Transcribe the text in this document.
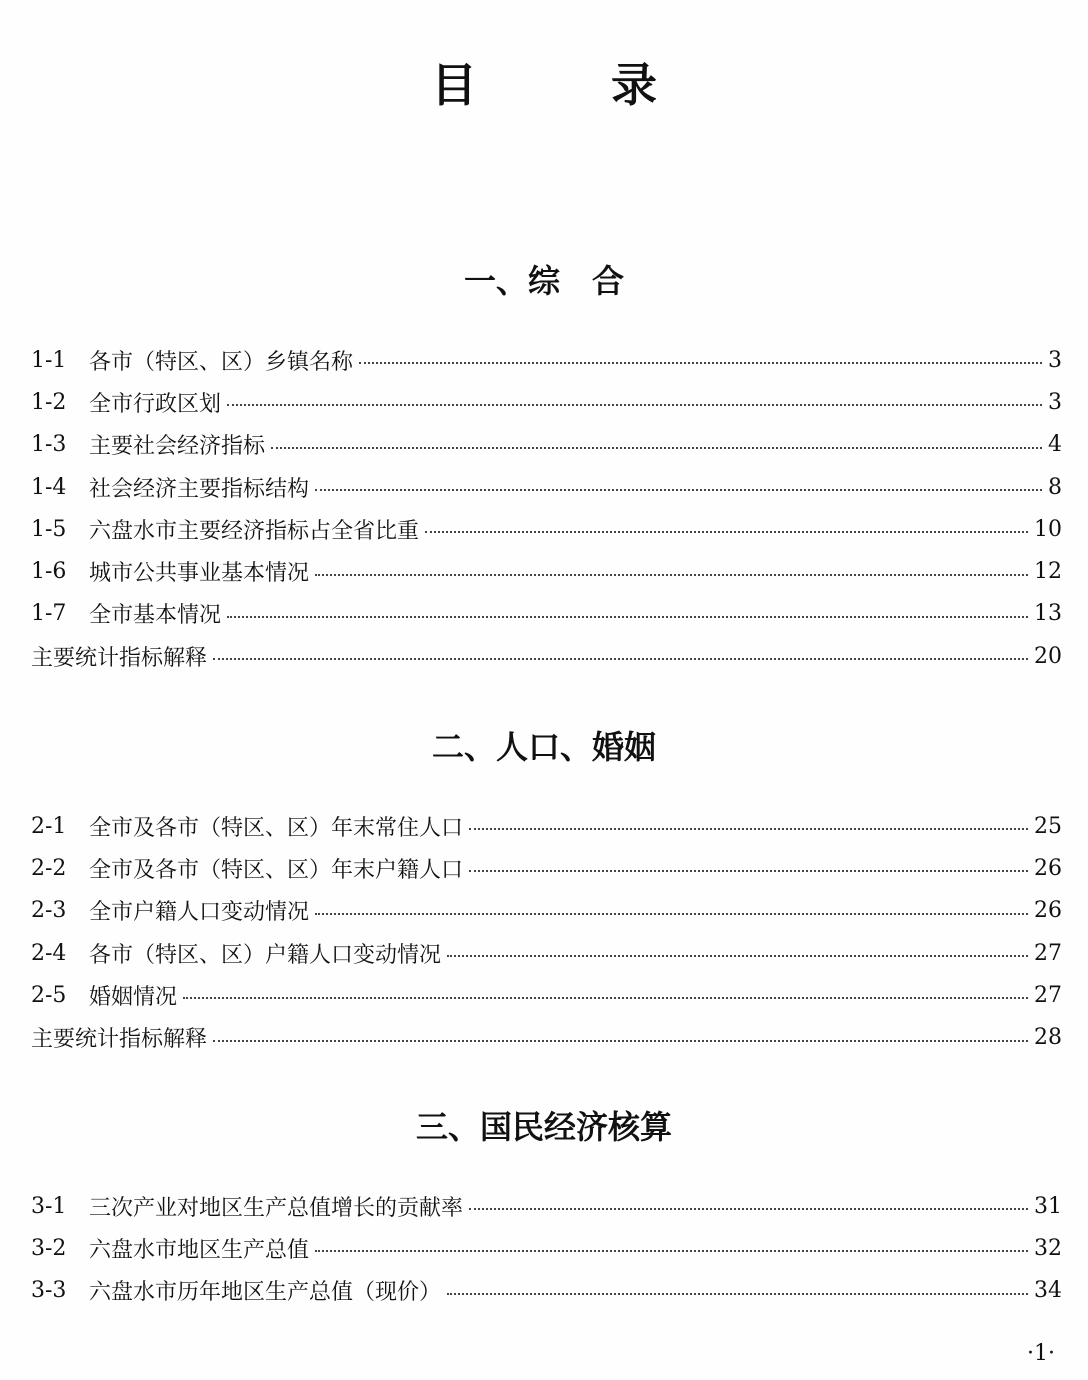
目　录
一、综　合
1-1	各市（特区、区）乡镇名称	3
1-2	全市行政区划	3
1-3	主要社会经济指标	4
1-4	社会经济主要指标结构	8
1-5	六盘水市主要经济指标占全省比重	10
1-6	城市公共事业基本情况	12
1-7	全市基本情况	13
主要统计指标解释	20
二、人口、婚姻
2-1	全市及各市（特区、区）年末常住人口	25
2-2	全市及各市（特区、区）年末户籍人口	26
2-3	全市户籍人口变动情况	26
2-4	各市（特区、区）户籍人口变动情况	27
2-5	婚姻情况	27
主要统计指标解释	28
三、国民经济核算
3-1	三次产业对地区生产总值增长的贡献率	31
3-2	六盘水市地区生产总值	32
3-3	六盘水市历年地区生产总值（现价）	34
·1·
